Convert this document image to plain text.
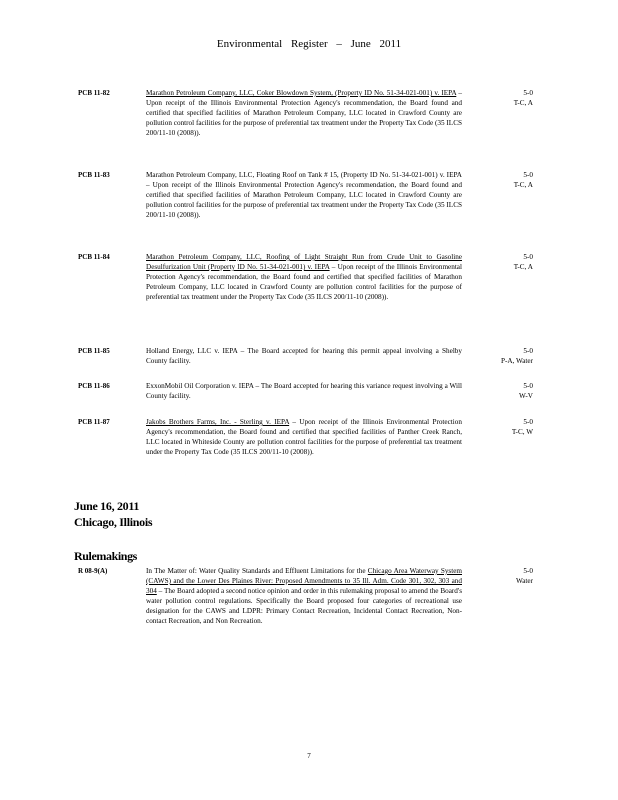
Environmental Register – June 2011
PCB 11-82	Marathon Petroleum Company, LLC, Coker Blowdown System, (Property ID No. 51-34-021-001) v. IEPA – Upon receipt of the Illinois Environmental Protection Agency's recommendation, the Board found and certified that specified facilities of Marathon Petroleum Company, LLC located in Crawford County are pollution control facilities for the purpose of preferential tax treatment under the Property Tax Code (35 ILCS 200/11-10 (2008)).
5-0
T-C, A
PCB 11-83	Marathon Petroleum Company, LLC, Floating Roof on Tank # 15, (Property ID No. 51-34-021-001) v. IEPA – Upon receipt of the Illinois Environmental Protection Agency's recommendation, the Board found and certified that specified facilities of Marathon Petroleum Company, LLC located in Crawford County are pollution control facilities for the purpose of preferential tax treatment under the Property Tax Code (35 ILCS 200/11-10 (2008)).
5-0
T-C, A
PCB 11-84	Marathon Petroleum Company, LLC, Roofing of Light Straight Run from Crude Unit to Gasoline Desulfurization Unit (Property ID No. 51-34-021-001) v. IEPA – Upon receipt of the Illinois Environmental Protection Agency's recommendation, the Board found and certified that specified facilities of Marathon Petroleum Company, LLC located in Crawford County are pollution control facilities for the purpose of preferential tax treatment under the Property Tax Code (35 ILCS 200/11-10 (2008)).
5-0
T-C, A
PCB 11-85	Holland Energy, LLC v. IEPA – The Board accepted for hearing this permit appeal involving a Shelby County facility.
5-0
P-A, Water
PCB 11-86	ExxonMobil Oil Corporation v. IEPA – The Board accepted for hearing this variance request involving a Will County facility.
5-0
W-V
PCB 11-87	Jakobs Brothers Farms, Inc. - Sterling v. IEPA – Upon receipt of the Illinois Environmental Protection Agency's recommendation, the Board found and certified that specified facilities of Panther Creek Ranch, LLC located in Whiteside County are pollution control facilities for the purpose of preferential tax treatment under the Property Tax Code (35 ILCS 200/11-10 (2008)).
5-0
T-C, W
June 16, 2011
Chicago, Illinois
Rulemakings
R 08-9(A)	In The Matter of: Water Quality Standards and Effluent Limitations for the Chicago Area Waterway System (CAWS) and the Lower Des Plaines River: Proposed Amendments to 35 Ill. Adm. Code 301, 302, 303 and 304 – The Board adopted a second notice opinion and order in this rulemaking proposal to amend the Board's water pollution control regulations. Specifically the Board proposed four categories of recreational use designation for the CAWS and LDPR: Primary Contact Recreation, Incidental Contact Recreation, Non-contact Recreation, and Non Recreation.
5-0
Water
7
